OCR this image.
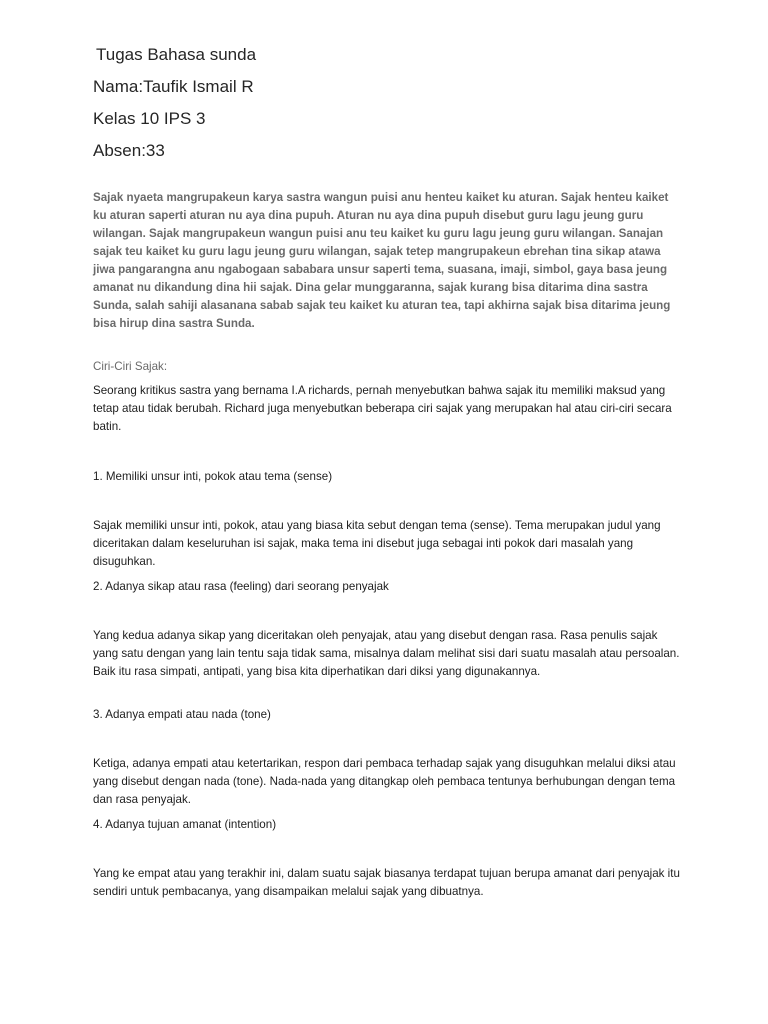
Tugas Bahasa sunda
Nama:Taufik Ismail R
Kelas 10 IPS 3
Absen:33

Sajak nyaeta mangrupakeun karya sastra wangun puisi anu henteu kaiket ku aturan. Sajak henteu kaiket ku aturan saperti aturan nu aya dina pupuh. Aturan nu aya dina pupuh disebut guru lagu jeung guru wilangan. Sajak mangrupakeun wangun puisi anu teu kaiket ku guru lagu jeung guru wilangan. Sanajan sajak teu kaiket ku guru lagu jeung guru wilangan, sajak tetep mangrupakeun ebrehan tina sikap atawa jiwa pangarangna anu ngabogaan sababara unsur saperti tema, suasana, imaji, simbol, gaya basa jeung amanat nu dikandung dina hii sajak. Dina gelar munggaranna, sajak kurang bisa ditarima dina sastra Sunda, salah sahiji alasanana sabab sajak teu kaiket ku aturan tea, tapi akhirna sajak bisa ditarima jeung bisa hirup dina sastra Sunda.

Ciri-Ciri Sajak:

Seorang kritikus sastra yang bernama I.A richards, pernah menyebutkan bahwa sajak itu memiliki maksud yang tetap atau tidak berubah. Richard juga menyebutkan beberapa ciri sajak yang merupakan hal atau ciri-ciri secara batin.

1. Memiliki unsur inti, pokok atau tema (sense)

Sajak memiliki unsur inti, pokok, atau yang biasa kita sebut dengan tema (sense). Tema merupakan judul yang diceritakan dalam keseluruhan isi sajak, maka tema ini disebut juga sebagai inti pokok dari masalah yang disuguhkan.

2. Adanya sikap atau rasa (feeling) dari seorang penyajak

Yang kedua adanya sikap yang diceritakan oleh penyajak, atau yang disebut dengan rasa. Rasa penulis sajak yang satu dengan yang lain tentu saja tidak sama, misalnya dalam melihat sisi dari suatu masalah atau persoalan. Baik itu rasa simpati, antipati, yang bisa kita diperhatikan dari diksi yang digunakannya.

3. Adanya empati atau nada (tone)

Ketiga, adanya empati atau ketertarikan, respon dari pembaca terhadap sajak yang disuguhkan melalui diksi atau yang disebut dengan nada (tone). Nada-nada yang ditangkap oleh pembaca tentunya berhubungan dengan tema dan rasa penyajak.

4. Adanya tujuan amanat (intention)

Yang ke empat atau yang terakhir ini, dalam suatu sajak biasanya terdapat tujuan berupa amanat dari penyajak itu sendiri untuk pembacanya, yang disampaikan melalui sajak yang dibuatnya.
